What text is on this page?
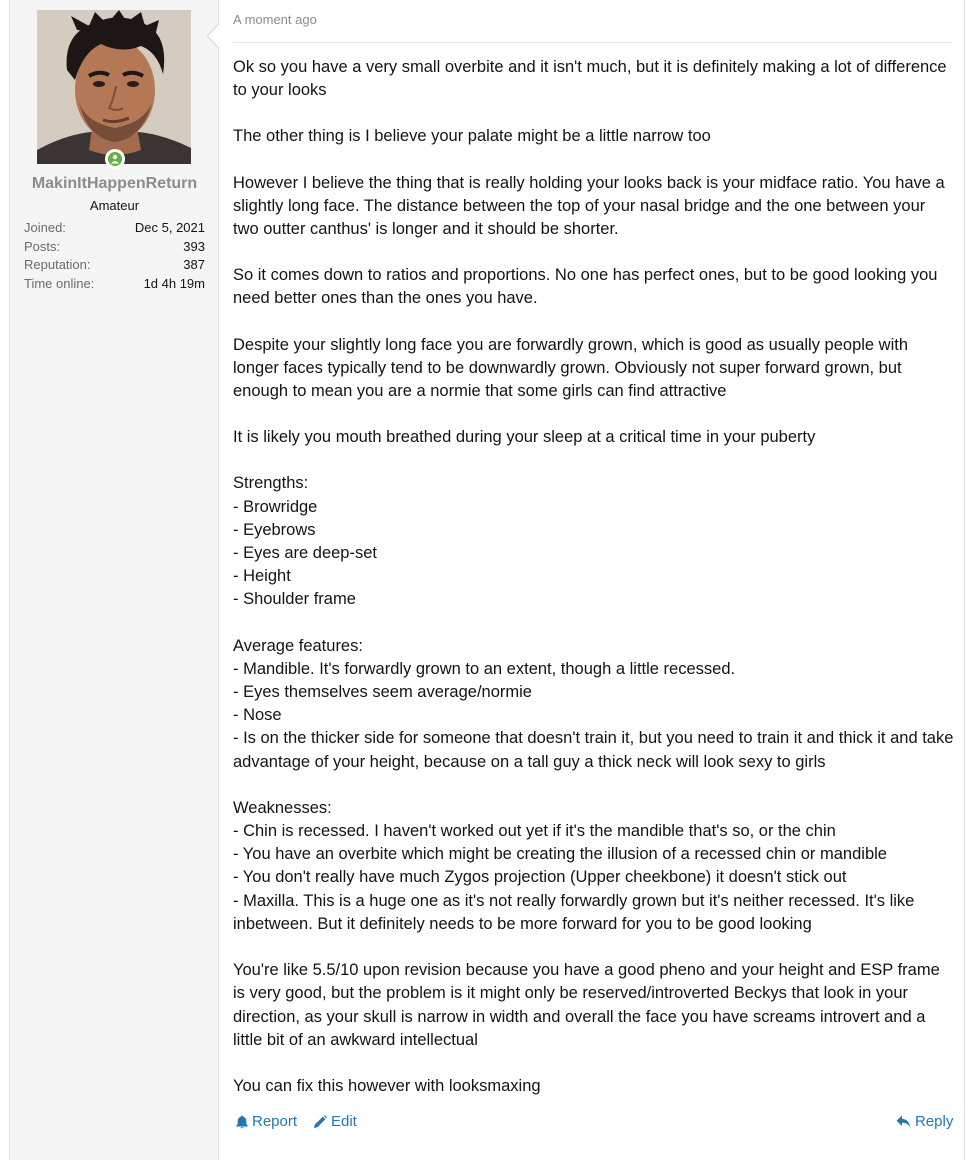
MakinItHappenReturn
Amateur
Joined:	Dec 5, 2021
Posts:	393
Reputation:	387
Time online:	1d 4h 19m
A moment ago

Ok so you have a very small overbite and it isn't much, but it is definitely making a lot of difference to your looks

The other thing is I believe your palate might be a little narrow too

However I believe the thing that is really holding your looks back is your midface ratio. You have a slightly long face. The distance between the top of your nasal bridge and the one between your two outter canthus' is longer and it should be shorter.

So it comes down to ratios and proportions. No one has perfect ones, but to be good looking you need better ones than the ones you have.

Despite your slightly long face you are forwardly grown, which is good as usually people with longer faces typically tend to be downwardly grown. Obviously not super forward grown, but enough to mean you are a normie that some girls can find attractive

It is likely you mouth breathed during your sleep at a critical time in your puberty

Strengths:
- Browridge
- Eyebrows
- Eyes are deep-set
- Height
- Shoulder frame

Average features:
- Mandible. It's forwardly grown to an extent, though a little recessed.
- Eyes themselves seem average/normie
- Nose
- Is on the thicker side for someone that doesn't train it, but you need to train it and thick it and take advantage of your height, because on a tall guy a thick neck will look sexy to girls

Weaknesses:
- Chin is recessed. I haven't worked out yet if it's the mandible that's so, or the chin
- You have an overbite which might be creating the illusion of a recessed chin or mandible
- You don't really have much Zygos projection (Upper cheekbone) it doesn't stick out
- Maxilla. This is a huge one as it's not really forwardly grown but it's neither recessed. It's like inbetween. But it definitely needs to be more forward for you to be good looking

You're like 5.5/10 upon revision because you have a good pheno and your height and ESP frame is very good, but the problem is it might only be reserved/introverted Beckys that look in your direction, as your skull is narrow in width and overall the face you have screams introvert and a little bit of an awkward intellectual

You can fix this however with looksmaxing

Report Edit	Reply
